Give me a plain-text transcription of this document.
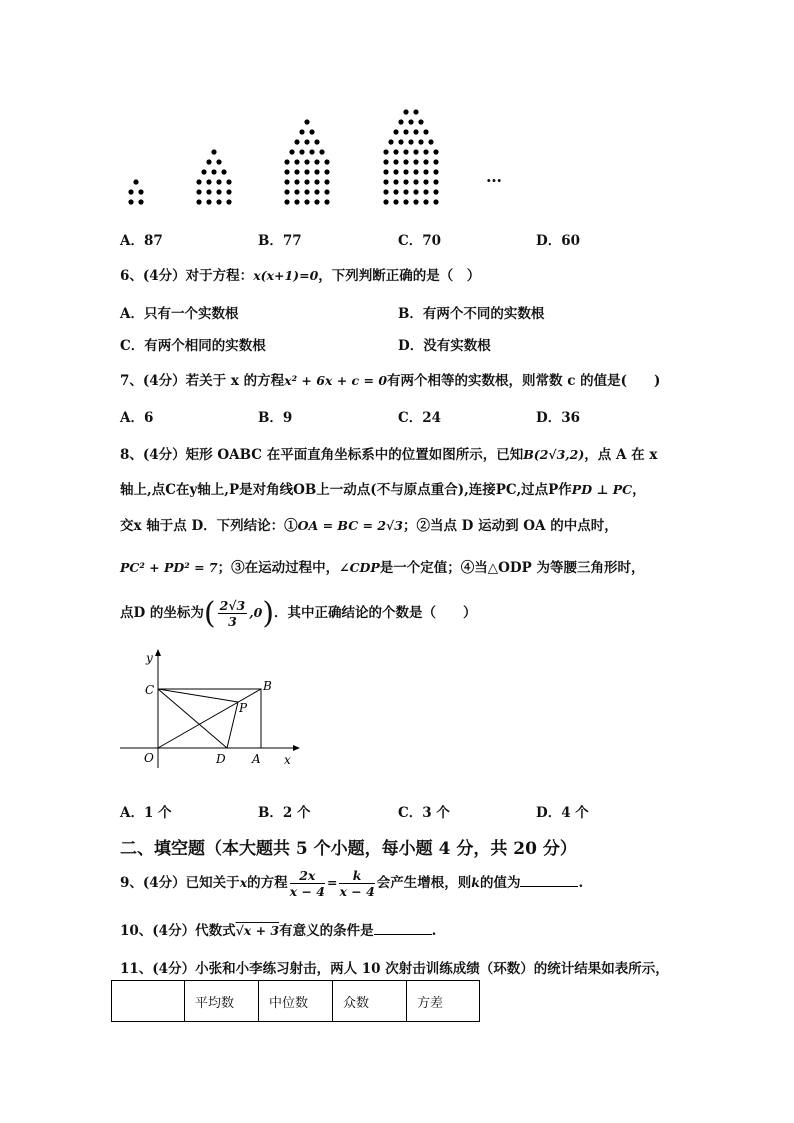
…
A．87	B．77	C．70	D．60
6、(4分）对于方程：x(x+1)=0，下列判断正确的是（　）
A．只有一个实数根	B．有两个不同的实数根
C．有两个相同的实数根	D．没有实数根
7、(4分）若关于 x 的方程x² + 6x + c = 0有两个相等的实数根，则常数 c 的值是(　　)
A．6	B．9	C．24	D．36
8、(4分）矩形 OABC 在平面直角坐标系中的位置如图所示，已知B(2√3,2)，点 A 在 x
轴上,点C在y轴上,P是对角线OB上一动点(不与原点重合),连接PC,过点P作PD ⊥ PC，
交x 轴于点 D．下列结论：①OA = BC = 2√3；②当点 D 运动到 OA 的中点时，
PC² + PD² = 7；③在运动过程中，∠CDP是一个定值；④当△ODP 为等腰三角形时，
点D 的坐标为( $\frac{2√3}{3} ,0$)．其中正确结论的个数是（　　）
y
C	B
P
O	D A x
A．1 个	B．2 个	C．3 个	D．4 个
二、填空题（本大题共 5 个小题，每小题 4 分，共 20 分）
9、(4分）已知关于x的方程 $\frac{2x}{x - 4} = \frac{k}{x - 4}$ 会产生增根，则k的值为	.
10、(4分）代数式√x + 3有意义的条件是	.
11、(4分）小张和小李练习射击，两人 10 次射击训练成绩（环数）的统计结果如表所示，
	平均数	中位数	众数	方差
